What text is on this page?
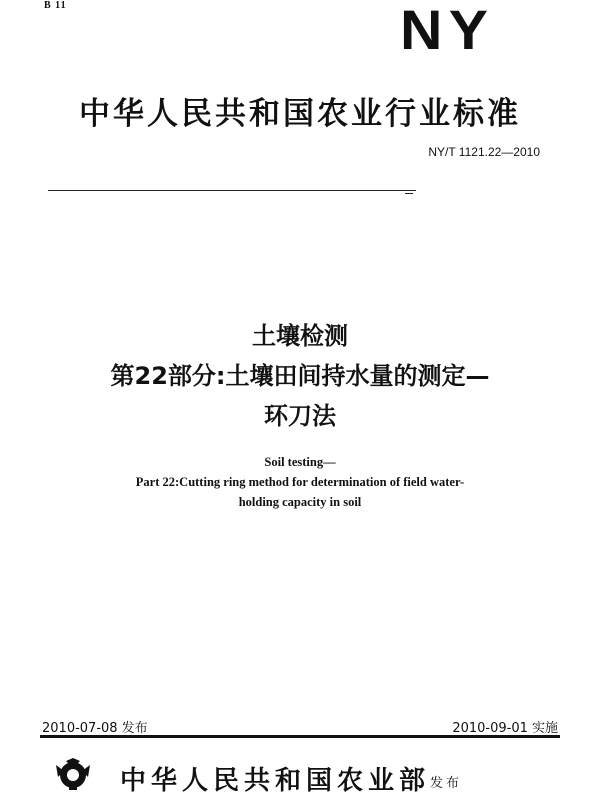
B 11	NY
中华人民共和国农业行业标准
NY/T 1121.22—2010
土壤检测
第22部分:土壤田间持水量的测定—
环刀法
Soil testing—
Part 22:Cutting ring method for determination of field water-
holding capacity in soil
2010-07-08 发布	2010-09-01 实施
中华人民共和国农业部 发布
